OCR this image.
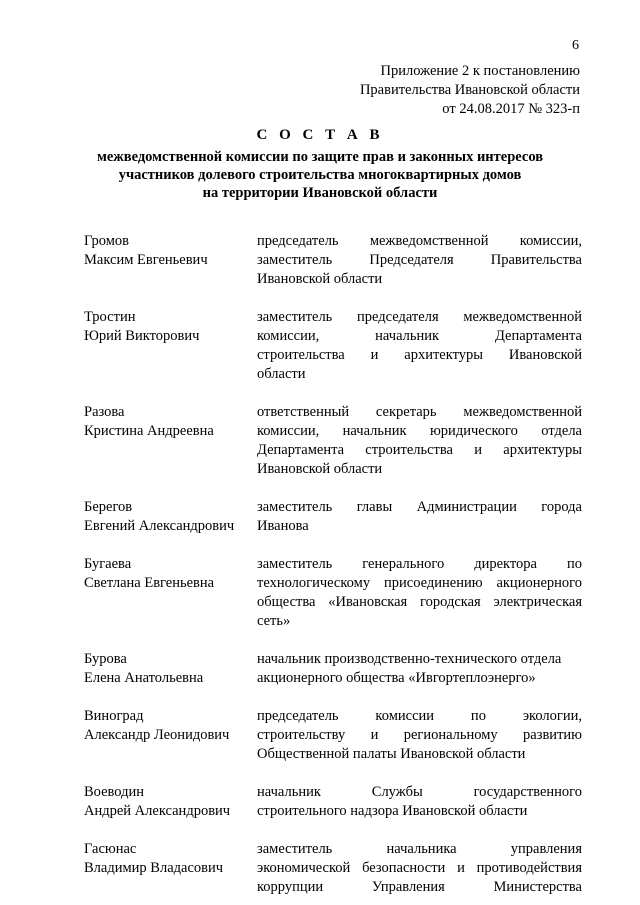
6
Приложение 2 к постановлению
Правительства Ивановской области
от 24.08.2017 № 323-п
С О С Т А В
межведомственной комиссии по защите прав и законных интересов
участников долевого строительства многоквартирных домов
на территории Ивановской области
Громов
Максим Евгеньевич
председатель межведомственной комиссии,
заместитель Председателя Правительства
Ивановской области
Тростин
Юрий Викторович
заместитель председателя межведомственной
комиссии, начальник Департамента
строительства и архитектуры Ивановской
области
Разова
Кристина Андреевна
ответственный секретарь межведомственной
комиссии, начальник юридического отдела
Департамента строительства и архитектуры
Ивановской области
Берегов
Евгений Александрович
заместитель главы Администрации города
Иванова
Бугаева
Светлана Евгеньевна
заместитель генерального директора по
технологическому присоединению акционерного
общества «Ивановская городская электрическая
сеть»
Бурова
Елена Анатольевна
начальник производственно-технического отдела
акционерного общества «Ивгортеплоэнерго»
Виноград
Александр Леонидович
председатель комиссии по экологии,
строительству и региональному развитию
Общественной палаты Ивановской области
Воеводин
Андрей Александрович
начальник Службы государственного
строительного надзора Ивановской области
Гасюнас
Владимир Владасович
заместитель начальника управления
экономической безопасности и противодействия
коррупции Управления Министерства
